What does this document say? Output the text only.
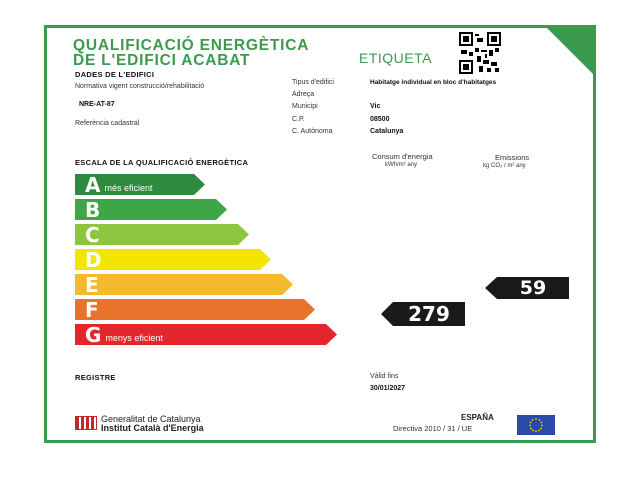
QUALIFICACIÓ ENERGÈTICA
DE L'EDIFICI ACABAT	ETIQUETA
DADES DE L'EDIFICI
Normativa vigent construcció/rehabilitació
NRE-AT-87
Referència cadastral
Tipus d'edifici	Habitatge individual en bloc d'habitatges
Adreça
Municipi	Vic
C.P.	08500
C. Autònoma	Catalunya
ESCALA DE LA QUALIFICACIÓ ENERGÈTICA
Consum d'energia
kWh/m² any
Emissions
kg CO₂ / m² any
A més eficient
B
C
D
E
F
G menys eficient
279
59
REGISTRE	Vàlid fins
30/01/2027
Generalitat de Catalunya
Institut Català d'Energia
ESPAÑA
Directiva 2010 / 31 / UE
